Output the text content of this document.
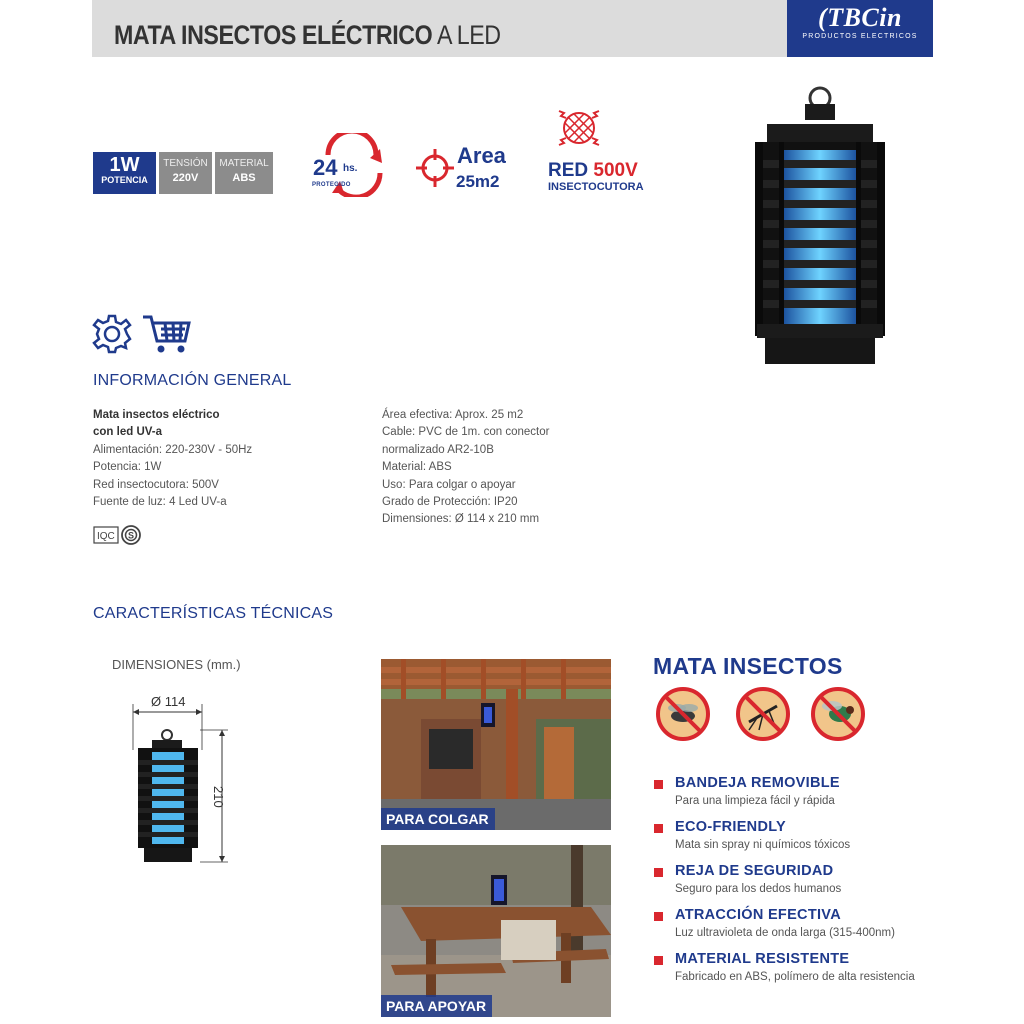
MATA INSECTOS ELÉCTRICO A LED
(TBCin
PRODUCTOS ELECTRICOS
1W
POTENCIA
TENSIÓN
220V
MATERIAL
ABS	24 hs.
PROTEGIDO
Area
25m2
RED 500V
INSECTOCUTORA
INFORMACIÓN GENERAL
Mata insectos eléctrico
con led UV-a
Alimentación: 220-230V - 50Hz
Potencia: 1W
Red insectocutora: 500V
Fuente de luz: 4 Led UV-a
Área efectiva: Aprox. 25 m2
Cable: PVC de 1m. con conector
normalizado AR2-10B
Material: ABS
Uso: Para colgar o apoyar
Grado de Protección: IP20
Dimensiones: Ø 114 x 210 mm
IQC S
CARACTERÍSTICAS TÉCNICAS
DIMENSIONES (mm.)
Ø 114
210
PARA COLGAR
PARA APOYAR
MATA INSECTOS
BANDEJA REMOVIBLE
Para una limpieza fácil y rápida
ECO-FRIENDLY
Mata sin spray ni químicos tóxicos
REJA DE SEGURIDAD
Seguro para los dedos humanos
ATRACCIÓN EFECTIVA
Luz ultravioleta de onda larga (315-400nm)
MATERIAL RESISTENTE
Fabricado en ABS, polímero de alta resistencia
